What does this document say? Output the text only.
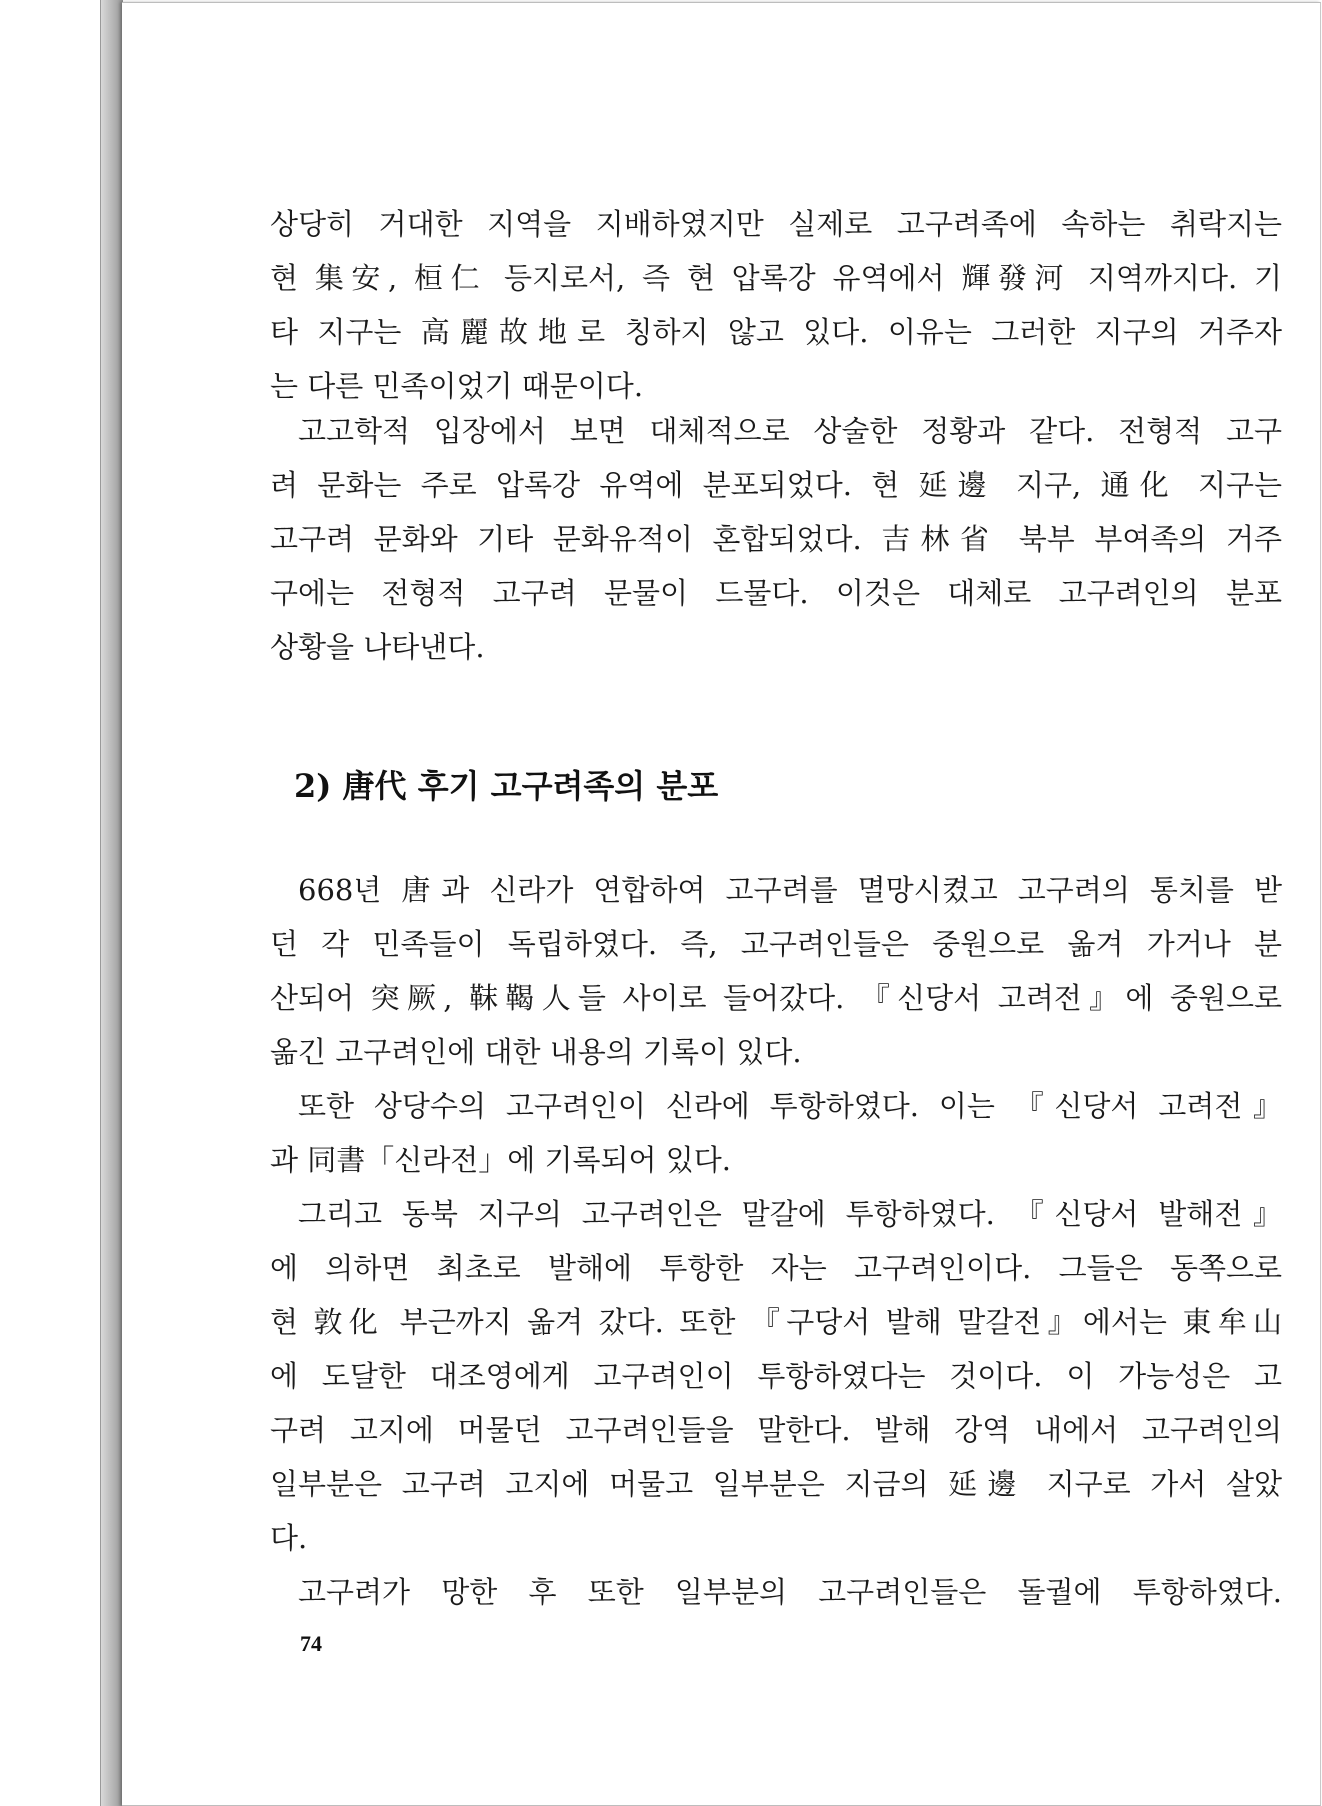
상당히 거대한 지역을 지배하였지만 실제로 고구려족에 속하는 취락지는
현 集安, 桓仁 등지로서, 즉 현 압록강 유역에서 輝發河 지역까지다. 기
타 지구는 高麗故地로 칭하지 않고 있다. 이유는 그러한 지구의 거주자
는 다른 민족이었기 때문이다.
고고학적 입장에서 보면 대체적으로 상술한 정황과 같다. 전형적 고구
려 문화는 주로 압록강 유역에 분포되었다. 현 延邊 지구, 通化 지구는
고구려 문화와 기타 문화유적이 혼합되었다. 吉林省 북부 부여족의 거주
구에는 전형적 고구려 문물이 드물다. 이것은 대체로 고구려인의 분포
상황을 나타낸다.
2) 唐代 후기 고구려족의 분포
668년 唐과 신라가 연합하여 고구려를 멸망시켰고 고구려의 통치를 받
던 각 민족들이 독립하였다. 즉, 고구려인들은 중원으로 옮겨 가거나 분
산되어 突厥, 靺鞨人들 사이로 들어갔다. 『신당서 고려전』에 중원으로
옮긴 고구려인에 대한 내용의 기록이 있다.
또한 상당수의 고구려인이 신라에 투항하였다. 이는 『신당서 고려전』
과 同書「신라전」에 기록되어 있다.
그리고 동북 지구의 고구려인은 말갈에 투항하였다. 『신당서 발해전』
에 의하면 최초로 발해에 투항한 자는 고구려인이다. 그들은 동쪽으로
현 敦化 부근까지 옮겨 갔다. 또한 『구당서 발해 말갈전』에서는 東牟山
에 도달한 대조영에게 고구려인이 투항하였다는 것이다. 이 가능성은 고
구려 고지에 머물던 고구려인들을 말한다. 발해 강역 내에서 고구려인의
일부분은 고구려 고지에 머물고 일부분은 지금의 延邊 지구로 가서 살았
다.
고구려가 망한 후 또한 일부분의 고구려인들은 돌궐에 투항하였다.
74
